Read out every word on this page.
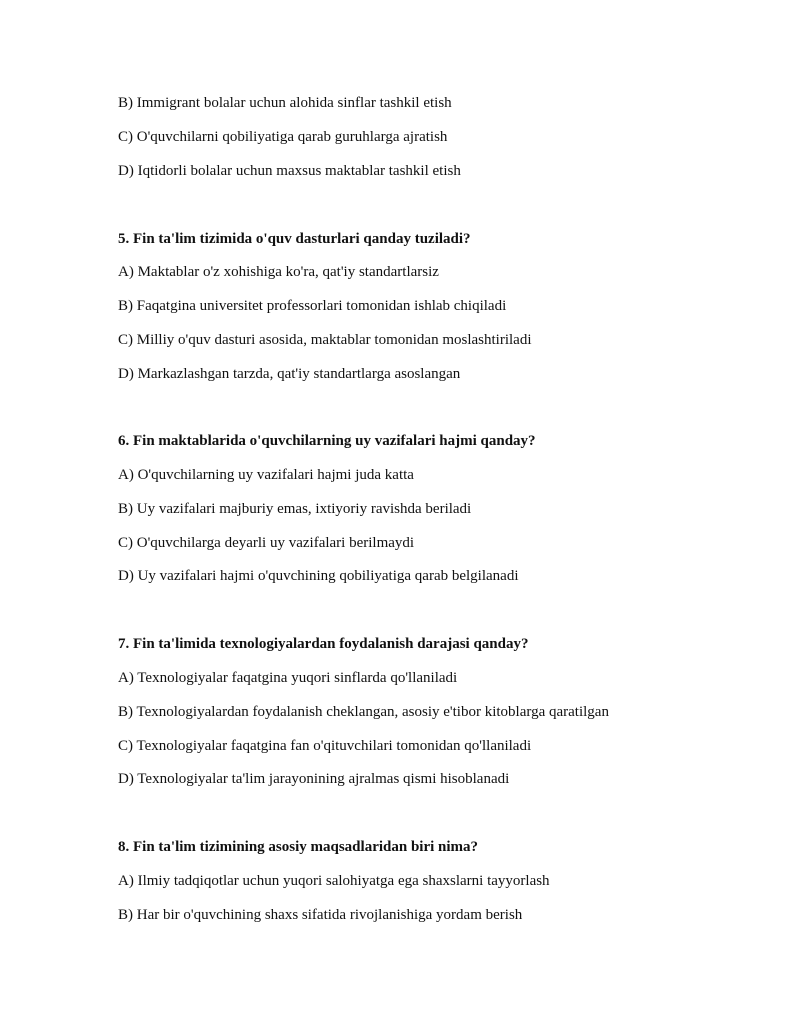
B) Immigrant bolalar uchun alohida sinflar tashkil etish
C) O'quvchilarni qobiliyatiga qarab guruhlarga ajratish
D) Iqtidorli bolalar uchun maxsus maktablar tashkil etish
5. Fin ta'lim tizimida o'quv dasturlari qanday tuziladi?
A) Maktablar o'z xohishiga ko'ra, qat'iy standartlarsiz
B) Faqatgina universitet professorlari tomonidan ishlab chiqiladi
C) Milliy o'quv dasturi asosida, maktablar tomonidan moslashtiriladi
D) Markazlashgan tarzda, qat'iy standartlarga asoslangan
6. Fin maktablarida o'quvchilarning uy vazifalari hajmi qanday?
A) O'quvchilarning uy vazifalari hajmi juda katta
B) Uy vazifalari majburiy emas, ixtiyoriy ravishda beriladi
C) O'quvchilarga deyarli uy vazifalari berilmaydi
D) Uy vazifalari hajmi o'quvchining qobiliyatiga qarab belgilanadi
7. Fin ta'limida texnologiyalardan foydalanish darajasi qanday?
A) Texnologiyalar faqatgina yuqori sinflarda qo'llaniladi
B) Texnologiyalardan foydalanish cheklangan, asosiy e'tibor kitoblarga qaratilgan
C) Texnologiyalar faqatgina fan o'qituvchilari tomonidan qo'llaniladi
D) Texnologiyalar ta'lim jarayonining ajralmas qismi hisoblanadi
8. Fin ta'lim tizimining asosiy maqsadlaridan biri nima?
A) Ilmiy tadqiqotlar uchun yuqori salohiyatga ega shaxslarni tayyorlash
B) Har bir o'quvchining shaxs sifatida rivojlanishiga yordam berish
